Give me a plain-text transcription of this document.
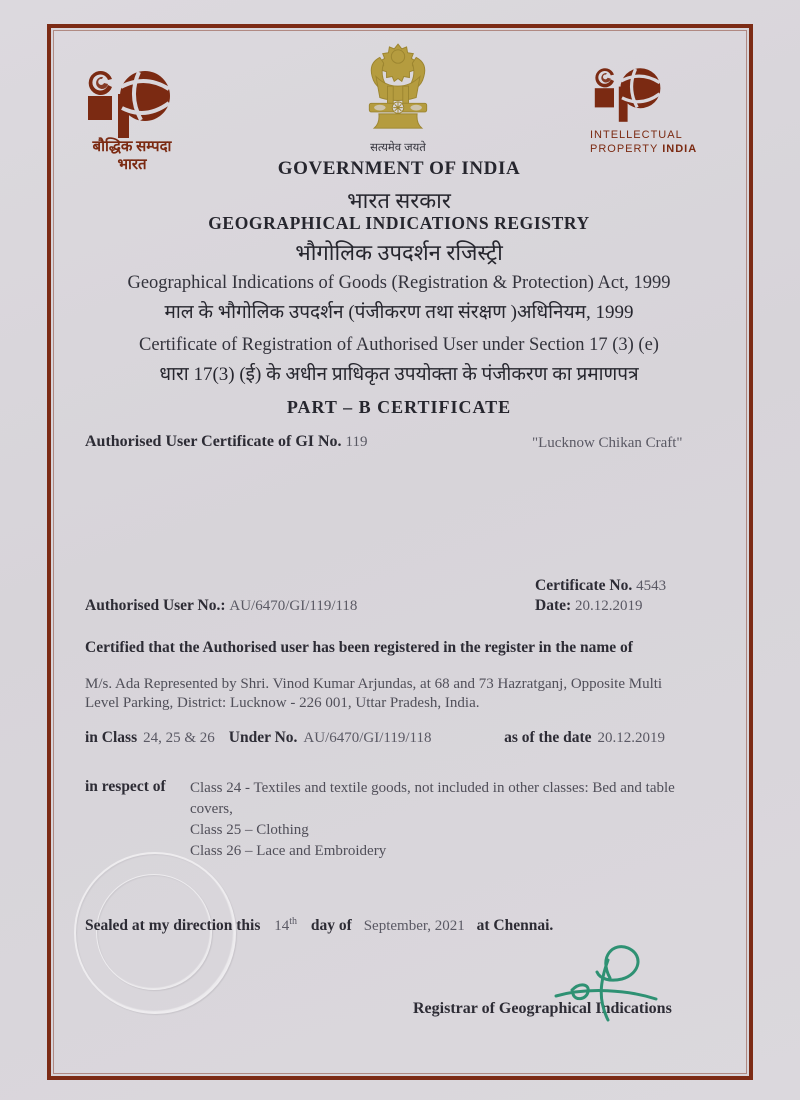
बौद्धिक सम्पदा
भारत
सत्यमेव जयते
INTELLECTUAL
PROPERTY INDIA
GOVERNMENT OF INDIA
भारत सरकार
GEOGRAPHICAL INDICATIONS REGISTRY
भौगोलिक उपदर्शन रजिस्ट्री
Geographical Indications of Goods (Registration & Protection) Act, 1999
माल के भौगोलिक उपदर्शन (पंजीकरण तथा संरक्षण )अधिनियम, 1999
Certificate of Registration of Authorised User under Section 17 (3) (e)
धारा 17(3) (ई) के अधीन प्राधिकृत उपयोक्ता के पंजीकरण का प्रमाणपत्र
PART – B CERTIFICATE
Authorised User Certificate of GI No. 119	"Lucknow Chikan Craft"
Certificate No. 4543
Authorised User No.: AU/6470/GI/119/118	Date: 20.12.2019
Certified that the Authorised user has been registered in the register in the name of
M/s. Ada Represented by Shri. Vinod Kumar Arjundas, at 68 and 73 Hazratganj, Opposite Multi
Level Parking, District: Lucknow - 226 001, Uttar Pradesh, India.
in Class 24, 25 & 26 Under No. AU/6470/GI/119/118	as of the date 20.12.2019
in respect of Class 24 - Textiles and textile goods, not included in other classes: Bed and table covers,
Class 25 – Clothing
Class 26 – Lace and Embroidery
Sealed at my direction this 14th day of September, 2021 at Chennai.
Registrar of Geographical Indications
